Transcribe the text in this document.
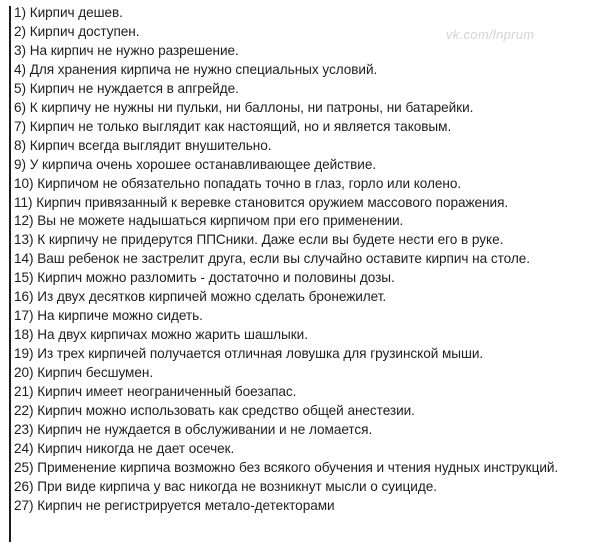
vk.com/lnprum
1) Кирпич дешев.
2) Кирпич доступен.
3) На кирпич не нужно разрешение.
4) Для хранения кирпича не нужно специальных условий.
5) Кирпич не нуждается в апгрейде.
6) К кирпичу не нужны ни пульки, ни баллоны, ни патроны, ни батарейки.
7) Кирпич не только выглядит как настоящий, но и является таковым.
8) Кирпич всегда выглядит внушительно.
9) У кирпича очень хорошее останавливающее действие.
10) Кирпичом не обязательно попадать точно в глаз, горло или колено.
11) Кирпич привязанный к веревке становится оружием массового поражения.
12) Вы не можете надышаться кирпичом при его применении.
13) К кирпичу не придерутся ППСники. Даже если вы будете нести его в руке.
14) Ваш ребенок не застрелит друга, если вы случайно оставите кирпич на столе.
15) Кирпич можно разломить - достаточно и половины дозы.
16) Из двух десятков кирпичей можно сделать бронежилет.
17) На кирпиче можно сидеть.
18) На двух кирпичах можно жарить шашлыки.
19) Из трех кирпичей получается отличная ловушка для грузинской мыши.
20) Кирпич бесшумен.
21) Кирпич имеет неограниченный боезапас.
22) Кирпич можно использовать как средство общей анестезии.
23) Кирпич не нуждается в обслуживании и не ломается.
24) Кирпич никогда не дает осечек.
25) Применение кирпича возможно без всякого обучения и чтения нудных инструкций.
26) При виде кирпича у вас никогда не возникнут мысли о суициде.
27) Кирпич не регистрируется метало-детекторами
